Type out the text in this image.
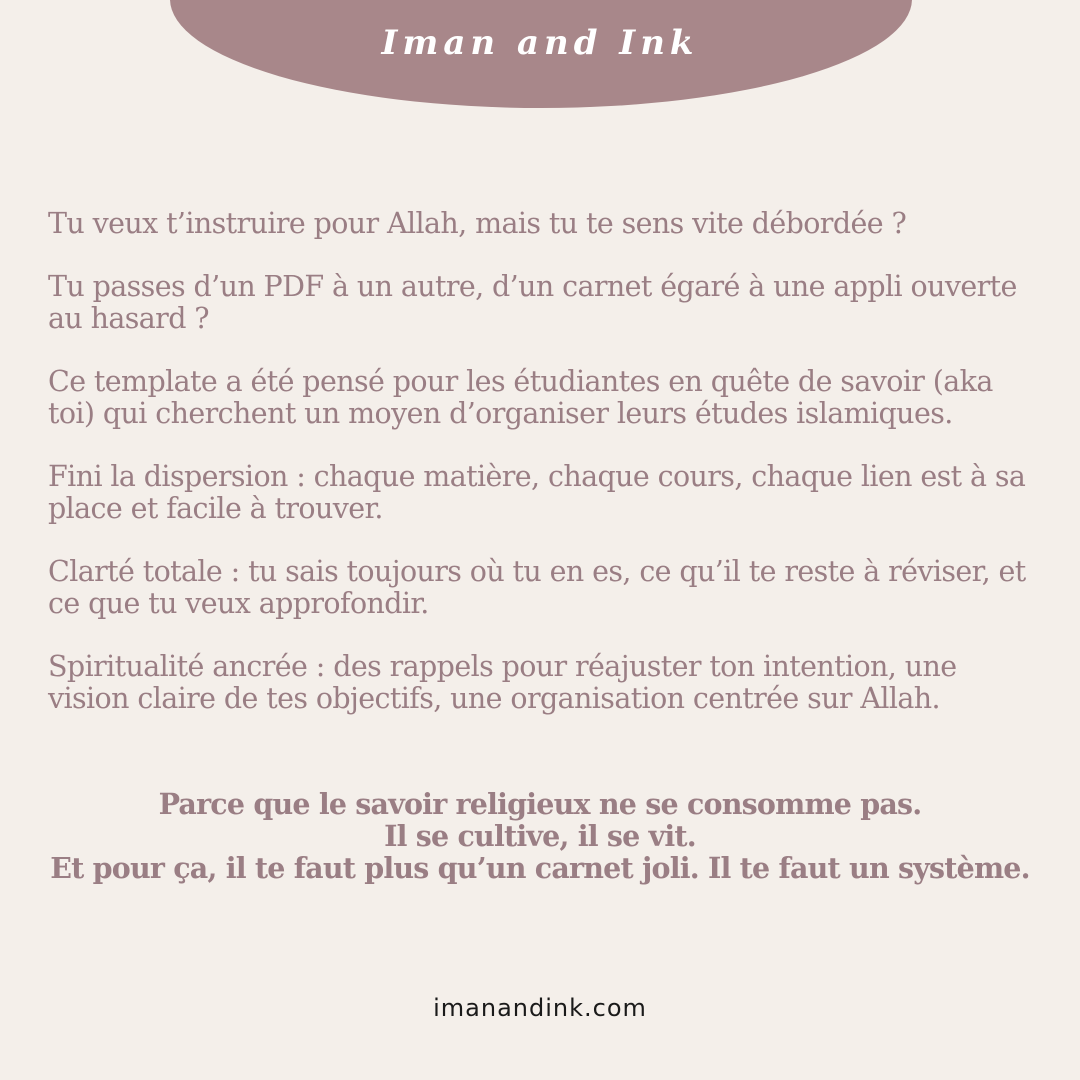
Iman and Ink

Tu veux t’instruire pour Allah, mais tu te sens vite débordée ?

Tu passes d’un PDF à un autre, d’un carnet égaré à une appli ouverte au hasard ?

Ce template a été pensé pour les étudiantes en quête de savoir (aka toi) qui cherchent un moyen d’organiser leurs études islamiques.

Fini la dispersion : chaque matière, chaque cours, chaque lien est à sa place et facile à trouver.

Clarté totale : tu sais toujours où tu en es, ce qu’il te reste à réviser, et ce que tu veux approfondir.

Spiritualité ancrée : des rappels pour réajuster ton intention, une vision claire de tes objectifs, une organisation centrée sur Allah.

Parce que le savoir religieux ne se consomme pas.
Il se cultive, il se vit.
Et pour ça, il te faut plus qu’un carnet joli. Il te faut un système.
imanandink.com
